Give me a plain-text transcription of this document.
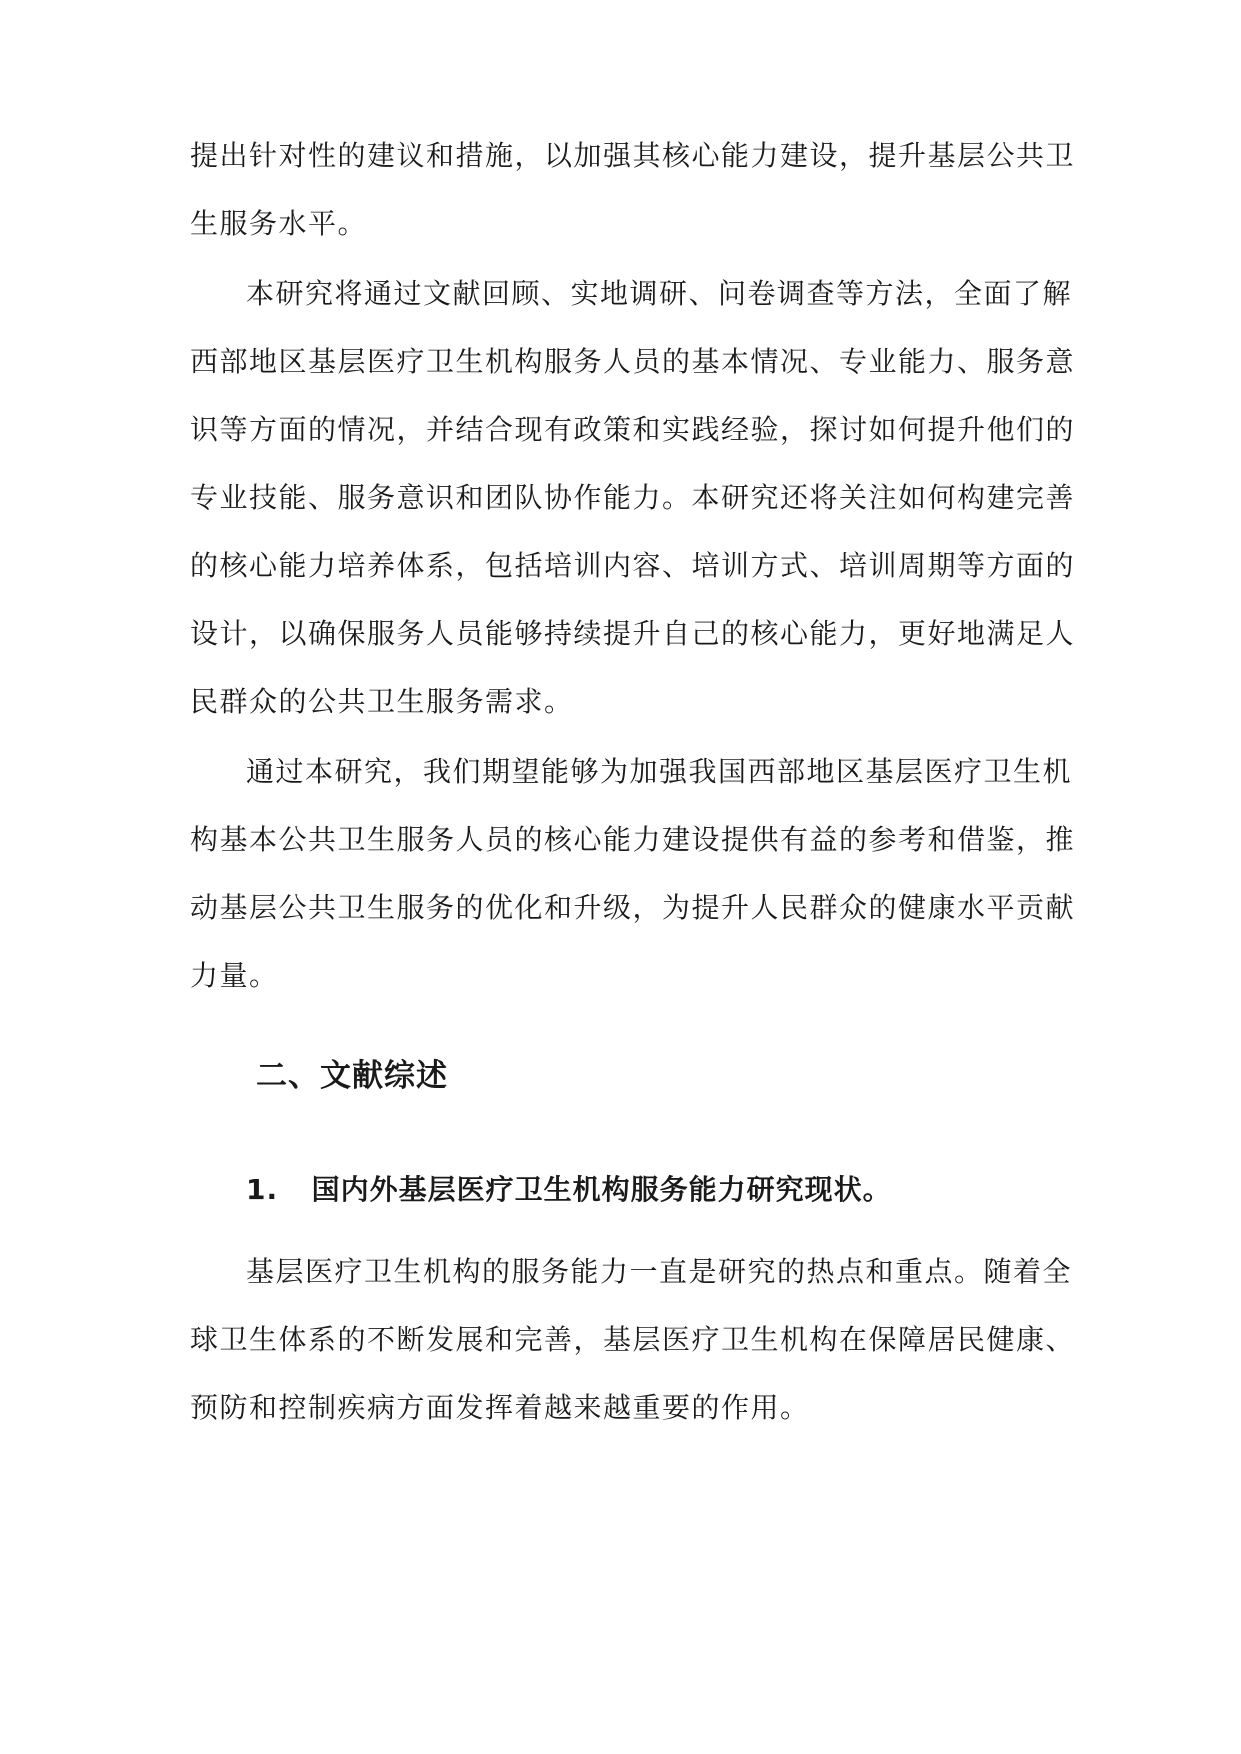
提出针对性的建议和措施，以加强其核心能力建设，提升基层公共卫
生服务水平。
本研究将通过文献回顾、实地调研、问卷调查等方法，全面了解
西部地区基层医疗卫生机构服务人员的基本情况、专业能力、服务意
识等方面的情况，并结合现有政策和实践经验，探讨如何提升他们的
专业技能、服务意识和团队协作能力。本研究还将关注如何构建完善
的核心能力培养体系，包括培训内容、培训方式、培训周期等方面的
设计，以确保服务人员能够持续提升自己的核心能力，更好地满足人
民群众的公共卫生服务需求。
通过本研究，我们期望能够为加强我国西部地区基层医疗卫生机
构基本公共卫生服务人员的核心能力建设提供有益的参考和借鉴，推
动基层公共卫生服务的优化和升级，为提升人民群众的健康水平贡献
力量。
二、文献综述
1. 国内外基层医疗卫生机构服务能力研究现状。
基层医疗卫生机构的服务能力一直是研究的热点和重点。随着全
球卫生体系的不断发展和完善，基层医疗卫生机构在保障居民健康、
预防和控制疾病方面发挥着越来越重要的作用。
